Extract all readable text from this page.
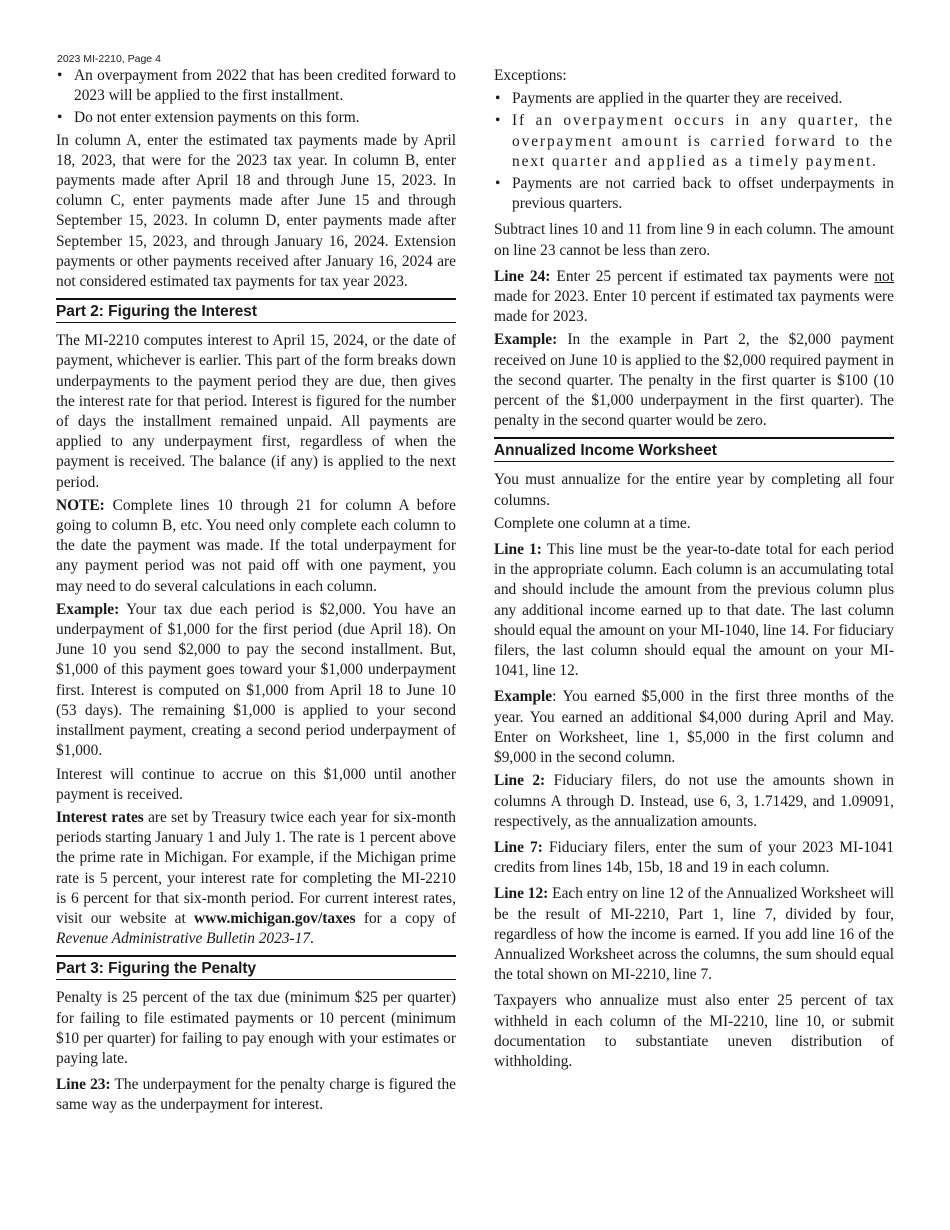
2023 MI-2210, Page 4
• An overpayment from 2022 that has been credited forward to 2023 will be applied to the first installment.
• Do not enter extension payments on this form.

In column A, enter the estimated tax payments made by April 18, 2023, that were for the 2023 tax year. In column B, enter payments made after April 18 and through June 15, 2023. In column C, enter payments made after June 15 and through September 15, 2023. In column D, enter payments made after September 15, 2023, and through January 16, 2024. Extension payments or other payments received after January 16, 2024 are not considered estimated tax payments for tax year 2023.

Part 2: Figuring the Interest

The MI-2210 computes interest to April 15, 2024, or the date of payment, whichever is earlier. This part of the form breaks down underpayments to the payment period they are due, then gives the interest rate for that period. Interest is figured for the number of days the installment remained unpaid. All payments are applied to any underpayment first, regardless of when the payment is received. The balance (if any) is applied to the next period.

NOTE: Complete lines 10 through 21 for column A before going to column B, etc. You need only complete each column to the date the payment was made. If the total underpayment for any payment period was not paid off with one payment, you may need to do several calculations in each column.

Example: Your tax due each period is $2,000. You have an underpayment of $1,000 for the first period (due April 18). On June 10 you send $2,000 to pay the second installment. But, $1,000 of this payment goes toward your $1,000 underpayment first. Interest is computed on $1,000 from April 18 to June 10 (53 days). The remaining $1,000 is applied to your second installment payment, creating a second period underpayment of $1,000.

Interest will continue to accrue on this $1,000 until another payment is received.

Interest rates are set by Treasury twice each year for six-month periods starting January 1 and July 1. The rate is 1 percent above the prime rate in Michigan. For example, if the Michigan prime rate is 5 percent, your interest rate for completing the MI-2210 is 6 percent for that six-month period. For current interest rates, visit our website at www.michigan.gov/taxes for a copy of Revenue Administrative Bulletin 2023-17.

Part 3: Figuring the Penalty

Penalty is 25 percent of the tax due (minimum $25 per quarter) for failing to file estimated payments or 10 percent (minimum $10 per quarter) for failing to pay enough with your estimates or paying late.

Line 23: The underpayment for the penalty charge is figured the same way as the underpayment for interest.

Exceptions:

• Payments are applied in the quarter they are received.
• If an overpayment occurs in any quarter, the overpayment amount is carried forward to the next quarter and applied as a timely payment.
• Payments are not carried back to offset underpayments in previous quarters.

Subtract lines 10 and 11 from line 9 in each column. The amount on line 23 cannot be less than zero.

Line 24: Enter 25 percent if estimated tax payments were not made for 2023. Enter 10 percent if estimated tax payments were made for 2023.

Example: In the example in Part 2, the $2,000 payment received on June 10 is applied to the $2,000 required payment in the second quarter. The penalty in the first quarter is $100 (10 percent of the $1,000 underpayment in the first quarter). The penalty in the second quarter would be zero.

Annualized Income Worksheet

You must annualize for the entire year by completing all four columns.

Complete one column at a time.

Line 1: This line must be the year-to-date total for each period in the appropriate column. Each column is an accumulating total and should include the amount from the previous column plus any additional income earned up to that date. The last column should equal the amount on your MI-1040, line 14. For fiduciary filers, the last column should equal the amount on your MI-1041, line 12.

Example: You earned $5,000 in the first three months of the year. You earned an additional $4,000 during April and May. Enter on Worksheet, line 1, $5,000 in the first column and $9,000 in the second column.

Line 2: Fiduciary filers, do not use the amounts shown in columns A through D. Instead, use 6, 3, 1.71429, and 1.09091, respectively, as the annualization amounts.

Line 7: Fiduciary filers, enter the sum of your 2023 MI-1041 credits from lines 14b, 15b, 18 and 19 in each column.

Line 12: Each entry on line 12 of the Annualized Worksheet will be the result of MI-2210, Part 1, line 7, divided by four, regardless of how the income is earned. If you add line 16 of the Annualized Worksheet across the columns, the sum should equal the total shown on MI-2210, line 7.

Taxpayers who annualize must also enter 25 percent of tax withheld in each column of the MI-2210, line 10, or submit documentation to substantiate uneven distribution of withholding.
